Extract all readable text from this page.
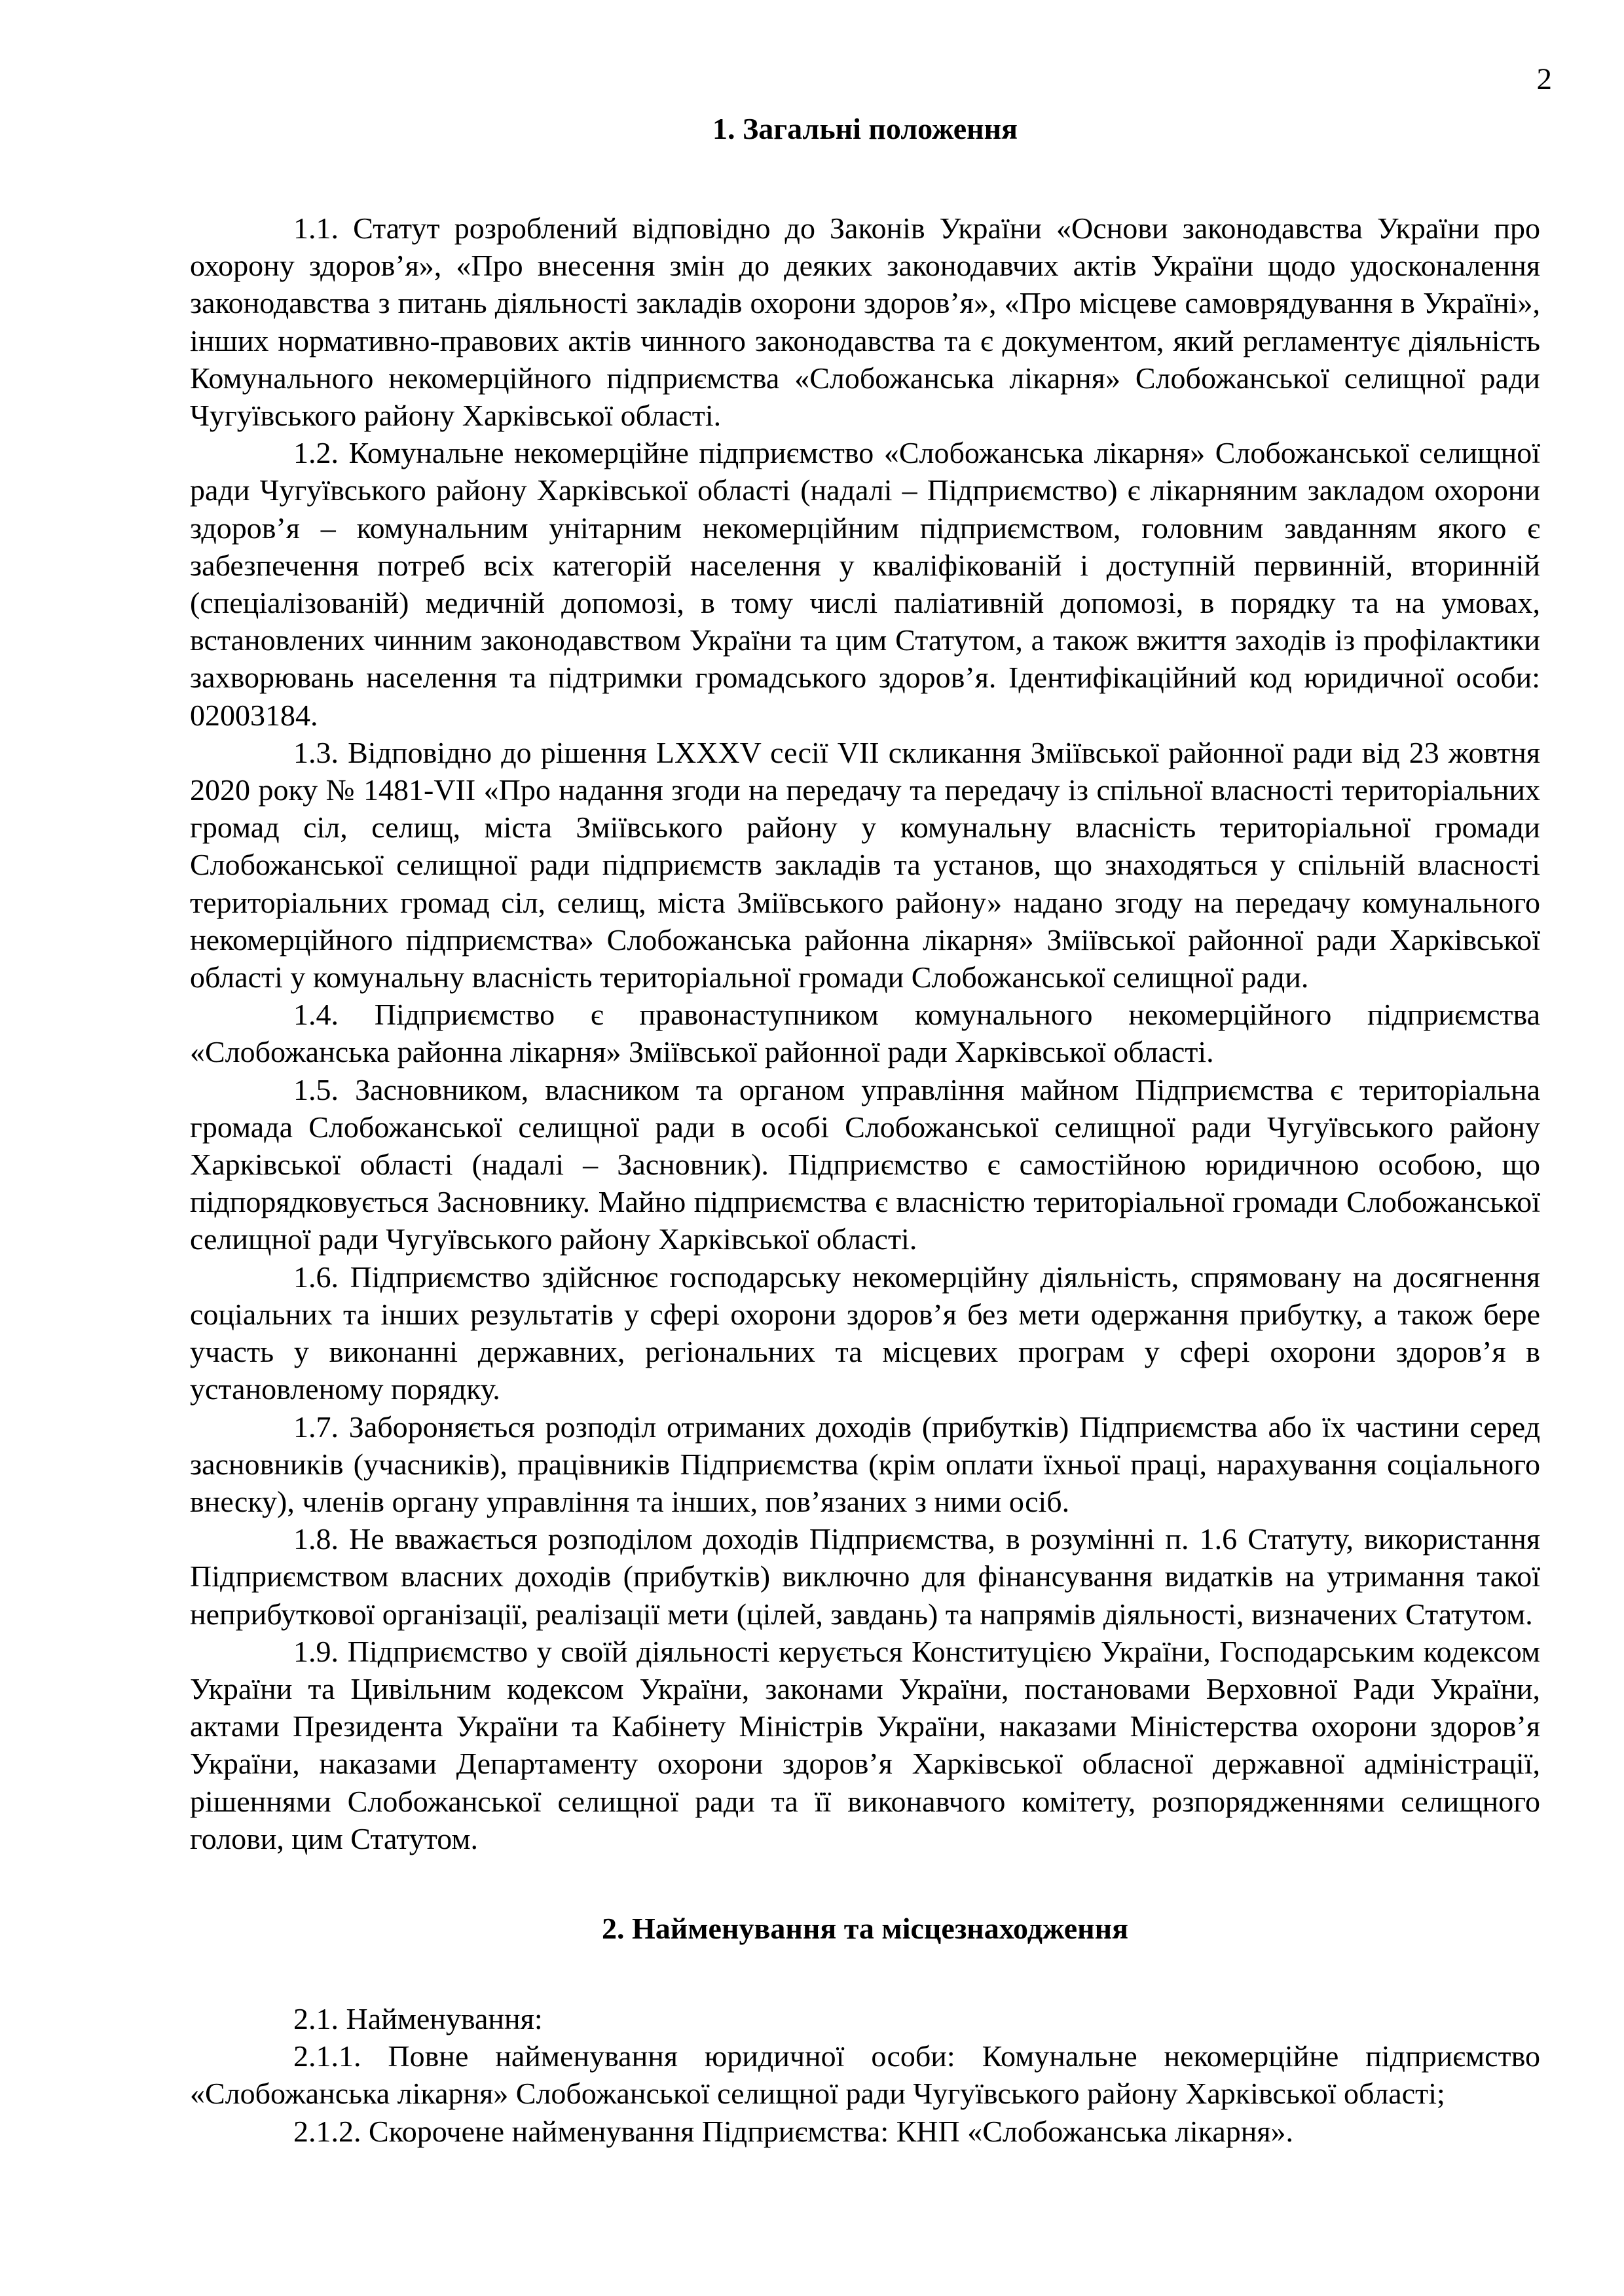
2
1. Загальні положення

1.1. Статут розроблений відповідно до Законів України «Основи законодавства України про охорону здоров’я», «Про внесення змін до деяких законодавчих актів України щодо удосконалення законодавства з питань діяльності закладів охорони здоров’я», «Про місцеве самоврядування в Україні», інших нормативно-правових актів чинного законодавства та є документом, який регламентує діяльність Комунального некомерційного підприємства «Слобожанська лікарня» Слобожанської селищної ради Чугуївського району Харківської області.

1.2. Комунальне некомерційне підприємство «Слобожанська лікарня» Слобожанської селищної ради Чугуївського району Харківської області (надалі – Підприємство) є лікарняним закладом охорони здоров’я – комунальним унітарним некомерційним підприємством, головним завданням якого є забезпечення потреб всіх категорій населення у кваліфікованій і доступній первинній, вторинній (спеціалізованій) медичній допомозі, в тому числі паліативній допомозі, в порядку та на умовах, встановлених чинним законодавством України та цим Статутом, а також вжиття заходів із профілактики захворювань населення та підтримки громадського здоров’я. Ідентифікаційний код юридичної особи: 02003184.

1.3. Відповідно до рішення LXXXV сесії VII скликання Зміївської районної ради від 23 жовтня 2020 року № 1481-VII «Про надання згоди на передачу та передачу із спільної власності територіальних громад сіл, селищ, міста Зміївського району у комунальну власність територіальної громади Слобожанської селищної ради підприємств закладів та установ, що знаходяться у спільній власності територіальних громад сіл, селищ, міста Зміївського району» надано згоду на передачу комунального некомерційного підприємства» Слобожанська районна лікарня» Зміївської районної ради Харківської області у комунальну власність територіальної громади Слобожанської селищної ради.

1.4. Підприємство є правонаступником комунального некомерційного підприємства «Слобожанська районна лікарня» Зміївської районної ради Харківської області.

1.5. Засновником, власником та органом управління майном Підприємства є територіальна громада Слобожанської селищної ради в особі Слобожанської селищної ради Чугуївського району Харківської області (надалі – Засновник). Підприємство є самостійною юридичною особою, що підпорядковується Засновнику. Майно підприємства є власністю територіальної громади Слобожанської селищної ради Чугуївського району Харківської області.

1.6. Підприємство здійснює господарську некомерційну діяльність, спрямовану на досягнення соціальних та інших результатів у сфері охорони здоров’я без мети одержання прибутку, а також бере участь у виконанні державних, регіональних та місцевих програм у сфері охорони здоров’я в установленому порядку.

1.7. Забороняється розподіл отриманих доходів (прибутків) Підприємства або їх частини серед засновників (учасників), працівників Підприємства (крім оплати їхньої праці, нарахування соціального внеску), членів органу управління та інших, пов’язаних з ними осіб.

1.8. Не вважається розподілом доходів Підприємства, в розумінні п. 1.6 Статуту, використання Підприємством власних доходів (прибутків) виключно для фінансування видатків на утримання такої неприбуткової організації, реалізації мети (цілей, завдань) та напрямів діяльності, визначених Статутом.

1.9. Підприємство у своїй діяльності керується Конституцією України, Господарським кодексом України та Цивільним кодексом України, законами України, постановами Верховної Ради України, актами Президента України та Кабінету Міністрів України, наказами Міністерства охорони здоров’я України, наказами Департаменту охорони здоров’я Харківської обласної державної адміністрації, рішеннями Слобожанської селищної ради та її виконавчого комітету, розпорядженнями селищного голови, цим Статутом.

2. Найменування та місцезнаходження

2.1. Найменування:

2.1.1. Повне найменування юридичної особи: Комунальне некомерційне підприємство «Слобожанська лікарня» Слобожанської селищної ради Чугуївського району Харківської області;

2.1.2. Скорочене найменування Підприємства: КНП «Слобожанська лікарня».
